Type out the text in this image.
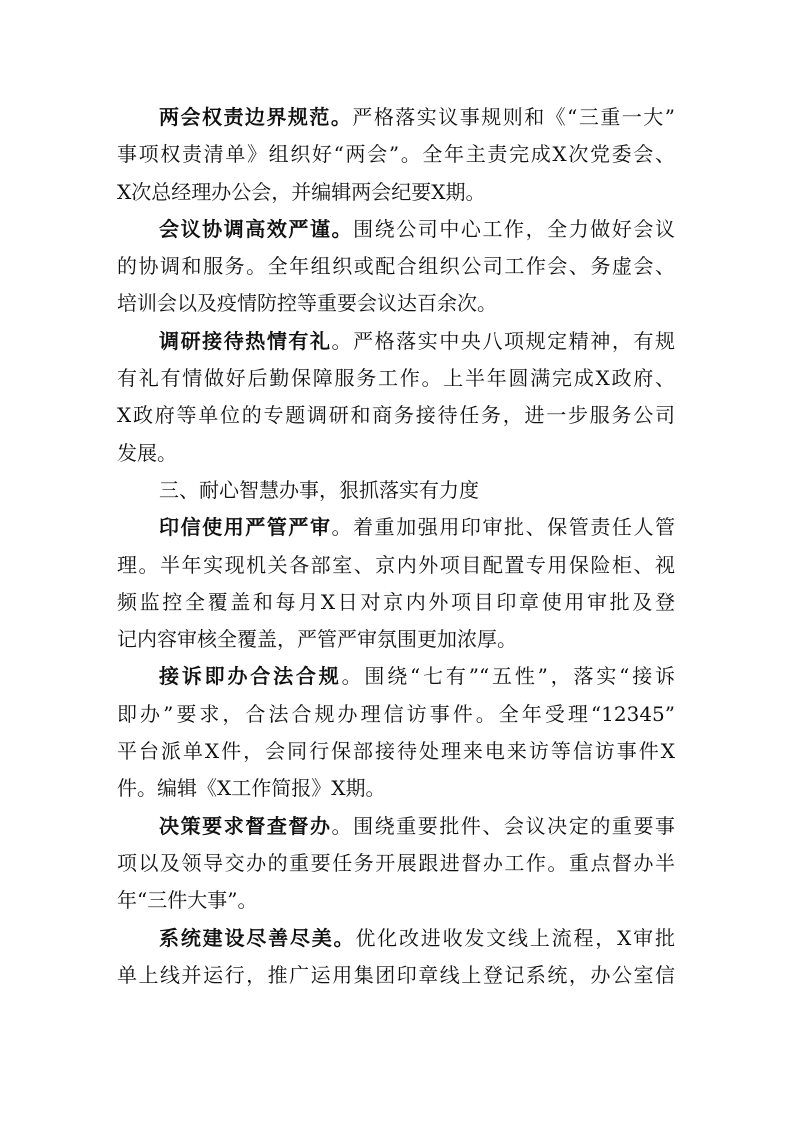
两会权责边界规范。严格落实议事规则和《“三重一大”
事项权责清单》组织好“两会”。全年主责完成X次党委会、
X次总经理办公会，并编辑两会纪要X期。
会议协调高效严谨。围绕公司中心工作，全力做好会议
的协调和服务。全年组织或配合组织公司工作会、务虚会、
培训会以及疫情防控等重要会议达百余次。
调研接待热情有礼。严格落实中央八项规定精神，有规
有礼有情做好后勤保障服务工作。上半年圆满完成X政府、
X政府等单位的专题调研和商务接待任务，进一步服务公司
发展。
三、耐心智慧办事，狠抓落实有力度
印信使用严管严审。着重加强用印审批、保管责任人管
理。半年实现机关各部室、京内外项目配置专用保险柜、视
频监控全覆盖和每月X日对京内外项目印章使用审批及登
记内容审核全覆盖，严管严审氛围更加浓厚。
接诉即办合法合规。围绕“七有”“五性”，落实“接诉
即办”要求，合法合规办理信访事件。全年受理“12345”
平台派单X件，会同行保部接待处理来电来访等信访事件X
件。编辑《X工作简报》X期。
决策要求督查督办。围绕重要批件、会议决定的重要事
项以及领导交办的重要任务开展跟进督办工作。重点督办半
年“三件大事”。
系统建设尽善尽美。优化改进收发文线上流程，X审批
单上线并运行，推广运用集团印章线上登记系统，办公室信
